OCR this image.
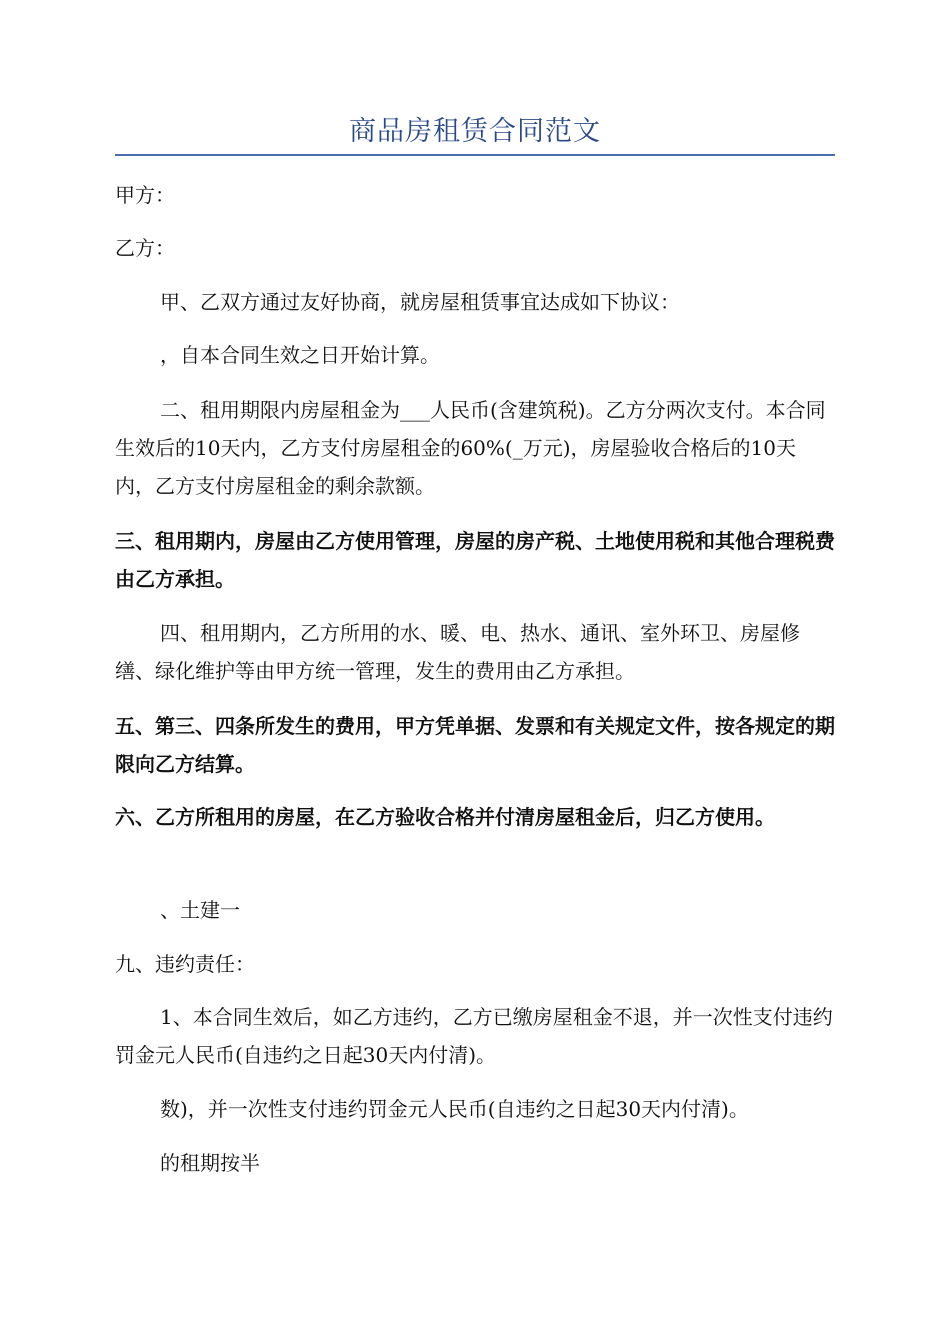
商品房租赁合同范文

甲方：

乙方：

甲、乙双方通过友好协商，就房屋租赁事宜达成如下协议：

，自本合同生效之日开始计算。

二、租用期限内房屋租金为___人民币(含建筑税)。乙方分两次支付。本合同生效后的10天内，乙方支付房屋租金的60%(_万元)，房屋验收合格后的10天内，乙方支付房屋租金的剩余款额。

三、租用期内，房屋由乙方使用管理，房屋的房产税、土地使用税和其他合理税费由乙方承担。

四、租用期内，乙方所用的水、暖、电、热水、通讯、室外环卫、房屋修缮、绿化维护等由甲方统一管理，发生的费用由乙方承担。

五、第三、四条所发生的费用，甲方凭单据、发票和有关规定文件，按各规定的期限向乙方结算。

六、乙方所租用的房屋，在乙方验收合格并付清房屋租金后，归乙方使用。

、土建一

九、违约责任：

1、本合同生效后，如乙方违约，乙方已缴房屋租金不退，并一次性支付违约罚金元人民币(自违约之日起30天内付清)。

数)，并一次性支付违约罚金元人民币(自违约之日起30天内付清)。

的租期按半
